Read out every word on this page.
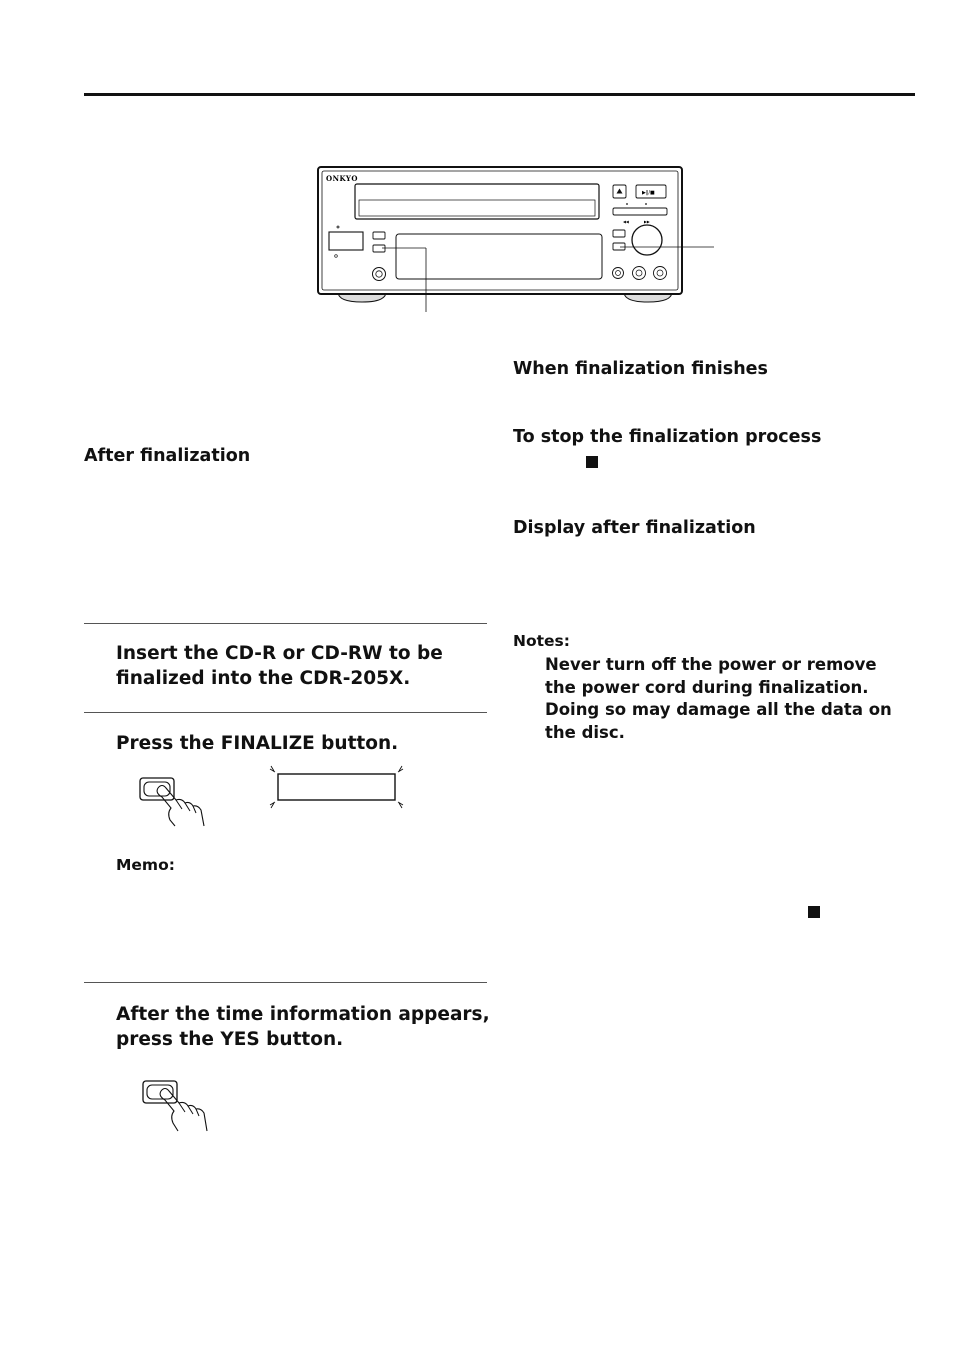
ONKYO
▶‖/■
◀◀	▶▶
When finalization finishes
To stop the finalization process
Display after finalization
Notes:
Never turn off the power or remove the power cord during finalization. Doing so may damage all the data on the disc.
After finalization
Insert the CD-R or CD-RW to be finalized into the CDR-205X.
Press the FINALIZE button.
Memo:
After the time information appears, press the YES button.
